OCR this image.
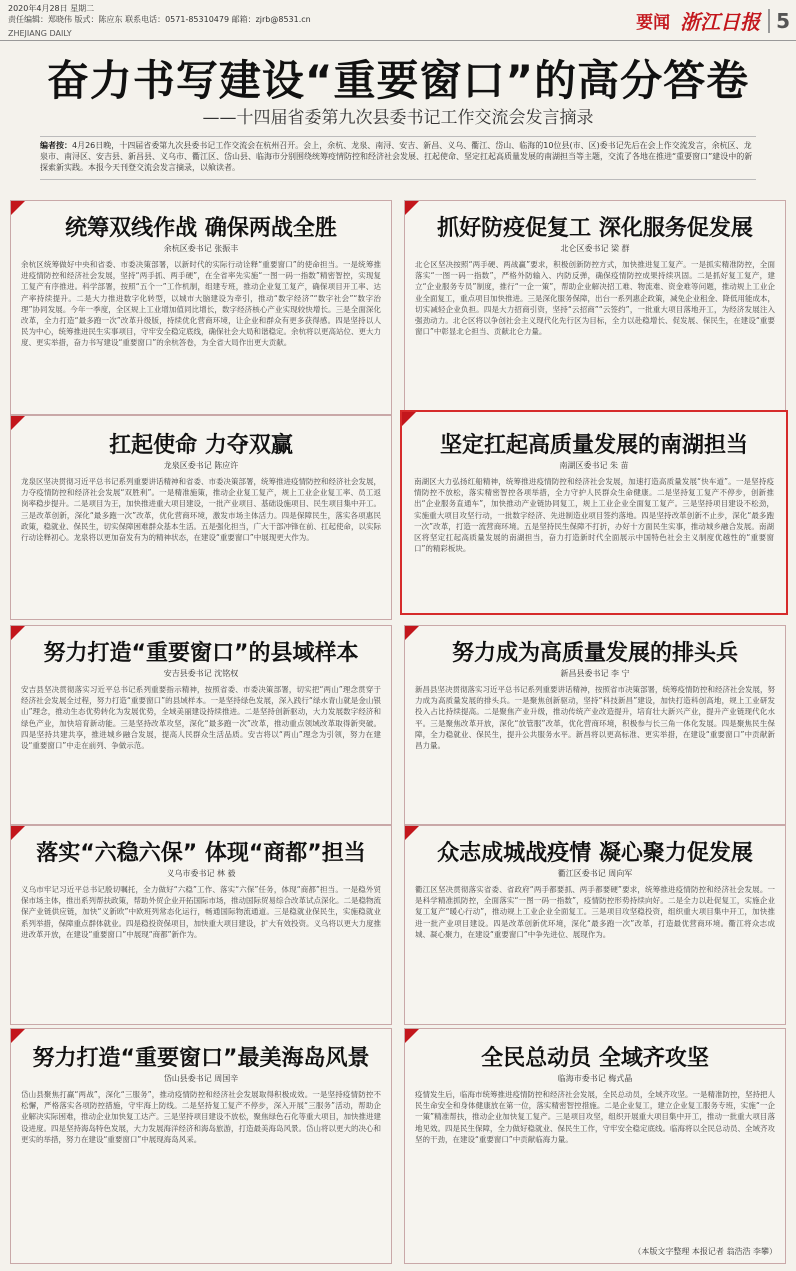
2020年4月28日 星期二
责任编辑：郑晓伟 版式：陈应东 联系电话：0571-85310479 邮箱：zjrb@8531.cn
ZHEJIANG DAILY
要闻 浙江日报 5
奋力书写建设“重要窗口”的高分答卷
——十四届省委第九次县委书记工作交流会发言摘录
编者按：4月26日晚，十四届省委第九次县委书记工作交流会在杭州召开。会上，余杭、龙泉、南浔、安吉、新昌、义乌、衢江、岱山、临海的10位县(市、区)委书记先后在会上作交流发言，余杭区、龙泉市、南浔区、安吉县、新昌县、义乌市、衢江区、岱山县、临海市分别围绕统筹疫情防控和经济社会发展、扛起使命、坚定扛起高质量发展的南湖担当等主题，交流了各地在推进“重要窗口”建设中的新探索新实践。本报今天刊登交流会发言摘录，以飨读者。
统筹双线作战 确保两战全胜
余杭区委书记 张振丰
余杭区统筹做好中央和省委、市委决策部署，以新时代的实际行动诠释“重要窗口”的使命担当。一是统筹推进疫情防控和经济社会发展，坚持“两手抓、两手硬”，在全省率先实施“一图一码一指数”精密智控，实现复工复产有序推进。科学部署，按照“五个一”工作机制，组建专班，推动企业复工复产，确保项目开工率、达产率持续提升。二是大力推进数字化转型，以城市大脑建设为牵引，推动“数字经济”“数字社会”“数字治理”协同发展。今年一季度，全区规上工业增加值同比增长，数字经济核心产业实现较快增长。三是全面深化改革，全力打造“最多跑一次”改革升级版，持续优化营商环境，让企业和群众有更多获得感。四是坚持以人民为中心，统筹推进民生实事项目，守牢安全稳定底线，确保社会大局和谐稳定。余杭将以更高站位、更大力度、更实举措，奋力书写建设“重要窗口”的余杭答卷，为全省大局作出更大贡献。
抓好防疫促复工 深化服务促发展
北仑区委书记 梁 群
北仑区坚决按照“两手硬、两战赢”要求，积极创新防控方式，加快推进复工复产。一是抓实精准防控，全面落实“一图一码一指数”，严格外防输入、内防反弹，确保疫情防控成果持续巩固。二是抓好复工复产，建立“企业服务专员”制度，推行“一企一策”，帮助企业解决招工难、物流难、资金难等问题，推动规上工业企业全面复工，重点项目加快推进。三是深化服务保障，出台一系列惠企政策，减免企业租金、降低用能成本，切实减轻企业负担。四是大力招商引资，坚持“云招商”“云签约”，一批重大项目落地开工，为经济发展注入强劲动力。北仑区将以争创社会主义现代化先行区为目标，全力以赴稳增长、促发展、保民生，在建设“重要窗口”中彰显北仑担当、贡献北仑力量。
扛起使命 力夺双赢
龙泉区委书记 陈应许
龙泉区坚决贯彻习近平总书记系列重要讲话精神和省委、市委决策部署，统筹推进疫情防控和经济社会发展，力夺疫情防控和经济社会发展“双胜利”。一是精准施策，推动企业复工复产，规上工业企业复工率、员工返岗率稳步提升。二是项目为王，加快推进重大项目建设，一批产业项目、基础设施项目、民生项目集中开工。三是改革创新，深化“最多跑一次”改革，优化营商环境，激发市场主体活力。四是保障民生，落实各项惠民政策，稳就业、保民生，切实保障困难群众基本生活。五是强化担当，广大干部冲锋在前、扛起使命，以实际行动诠释初心。龙泉将以更加奋发有为的精神状态，在建设“重要窗口”中展现更大作为。
坚定扛起高质量发展的南湖担当
南湖区委书记 朱 苗
南湖区大力弘扬红船精神，统筹推进疫情防控和经济社会发展，加速打造高质量发展“快车道”。一是坚持疫情防控不放松，落实精密智控各项举措，全力守护人民群众生命健康。二是坚持复工复产不停步，创新推出“企业服务直通车”，加快推动产业链协同复工，规上工业企业全面复工复产。三是坚持项目建设不松劲，实施重大项目攻坚行动，一批数字经济、先进制造业项目签约落地。四是坚持改革创新不止步，深化“最多跑一次”改革，打造一流营商环境。五是坚持民生保障不打折，办好十方面民生实事，推动城乡融合发展。南湖区将坚定扛起高质量发展的南湖担当，奋力打造新时代全面展示中国特色社会主义制度优越性的“重要窗口”的精彩板块。
努力打造“重要窗口”的县域样本
安吉县委书记 沈铭权
安吉县坚决贯彻落实习近平总书记系列重要指示精神，按照省委、市委决策部署，切实把“两山”理念贯穿于经济社会发展全过程，努力打造“重要窗口”的县域样本。一是坚持绿色发展，深入践行“绿水青山就是金山银山”理念，推动生态优势转化为发展优势，全域美丽建设持续推进。二是坚持创新驱动，大力发展数字经济和绿色产业，加快培育新动能。三是坚持改革攻坚，深化“最多跑一次”改革，推动重点领域改革取得新突破。四是坚持共建共享，推进城乡融合发展，提高人民群众生活品质。安吉将以“两山”理念为引领，努力在建设“重要窗口”中走在前列、争做示范。
努力成为高质量发展的排头兵
新昌县委书记 李 宁
新昌县坚决贯彻落实习近平总书记系列重要讲话精神，按照省市决策部署，统筹疫情防控和经济社会发展，努力成为高质量发展的排头兵。一是聚焦创新驱动，坚持“科技新昌”建设，加快打造科创高地，规上工业研发投入占比持续提高。二是聚焦产业升级，推动传统产业改造提升，培育壮大新兴产业，提升产业链现代化水平。三是聚焦改革开放，深化“放管服”改革，优化营商环境，积极参与长三角一体化发展。四是聚焦民生保障，全力稳就业、保民生，提升公共服务水平。新昌将以更高标准、更实举措，在建设“重要窗口”中贡献新昌力量。
落实“六稳六保” 体现“商都”担当
义乌市委书记 林 毅
义乌市牢记习近平总书记殷切嘱托，全力做好“六稳”工作、落实“六保”任务，体现“商都”担当。一是稳外贸保市场主体，推出系列帮扶政策，帮助外贸企业开拓国际市场，推动国际贸易综合改革试点深化。二是稳物流保产业链供应链，加快“义新欧”中欧班列常态化运行，畅通国际物流通道。三是稳就业保民生，实施稳就业系列举措，保障重点群体就业。四是稳投资保项目，加快重大项目建设，扩大有效投资。义乌将以更大力度推进改革开放，在建设“重要窗口”中展现“商都”新作为。
众志成城战疫情 凝心聚力促发展
衢江区委书记 周向军
衢江区坚决贯彻落实省委、省政府“两手都要抓、两手都要硬”要求，统筹推进疫情防控和经济社会发展。一是科学精准抓防控，全面落实“一图一码一指数”，疫情防控形势持续向好。二是全力以赴促复工，实施企业复工复产“暖心行动”，推动规上工业企业全面复工。三是项目攻坚稳投资，组织重大项目集中开工，加快推进一批产业项目建设。四是改革创新优环境，深化“最多跑一次”改革，打造最优营商环境。衢江将众志成城、凝心聚力，在建设“重要窗口”中争先进位、展现作为。
努力打造“重要窗口”最美海岛风景
岱山县委书记 周国辛
岱山县聚焦打赢“两战”，深化“三服务”，推动疫情防控和经济社会发展取得积极成效。一是坚持疫情防控不松懈，严格落实各项防控措施，守牢海上防线。二是坚持复工复产不停步，深入开展“三服务”活动，帮助企业解决实际困难，推动企业加快复工达产。三是坚持项目建设不放松，聚焦绿色石化等重大项目，加快推进建设进度。四是坚持海岛特色发展，大力发展海洋经济和海岛旅游，打造最美海岛风景。岱山将以更大的决心和更实的举措，努力在建设“重要窗口”中展现海岛风采。
全民总动员 全域齐攻坚
临海市委书记 梅式晶
疫情发生后，临海市统筹推进疫情防控和经济社会发展，全民总动员，全域齐攻坚。一是精准防控，坚持把人民生命安全和身体健康放在第一位，落实精密智控措施。二是企业复工，建立企业复工服务专班，实施“一企一策”精准帮扶，推动企业加快复工复产。三是项目攻坚，组织开展重大项目集中开工，推动一批重大项目落地见效。四是民生保障，全力做好稳就业、保民生工作，守牢安全稳定底线。临海将以全民总动员、全域齐攻坚的干劲，在建设“重要窗口”中贡献临海力量。
（本版文字整理 本报记者 翁浩浩 李攀）
